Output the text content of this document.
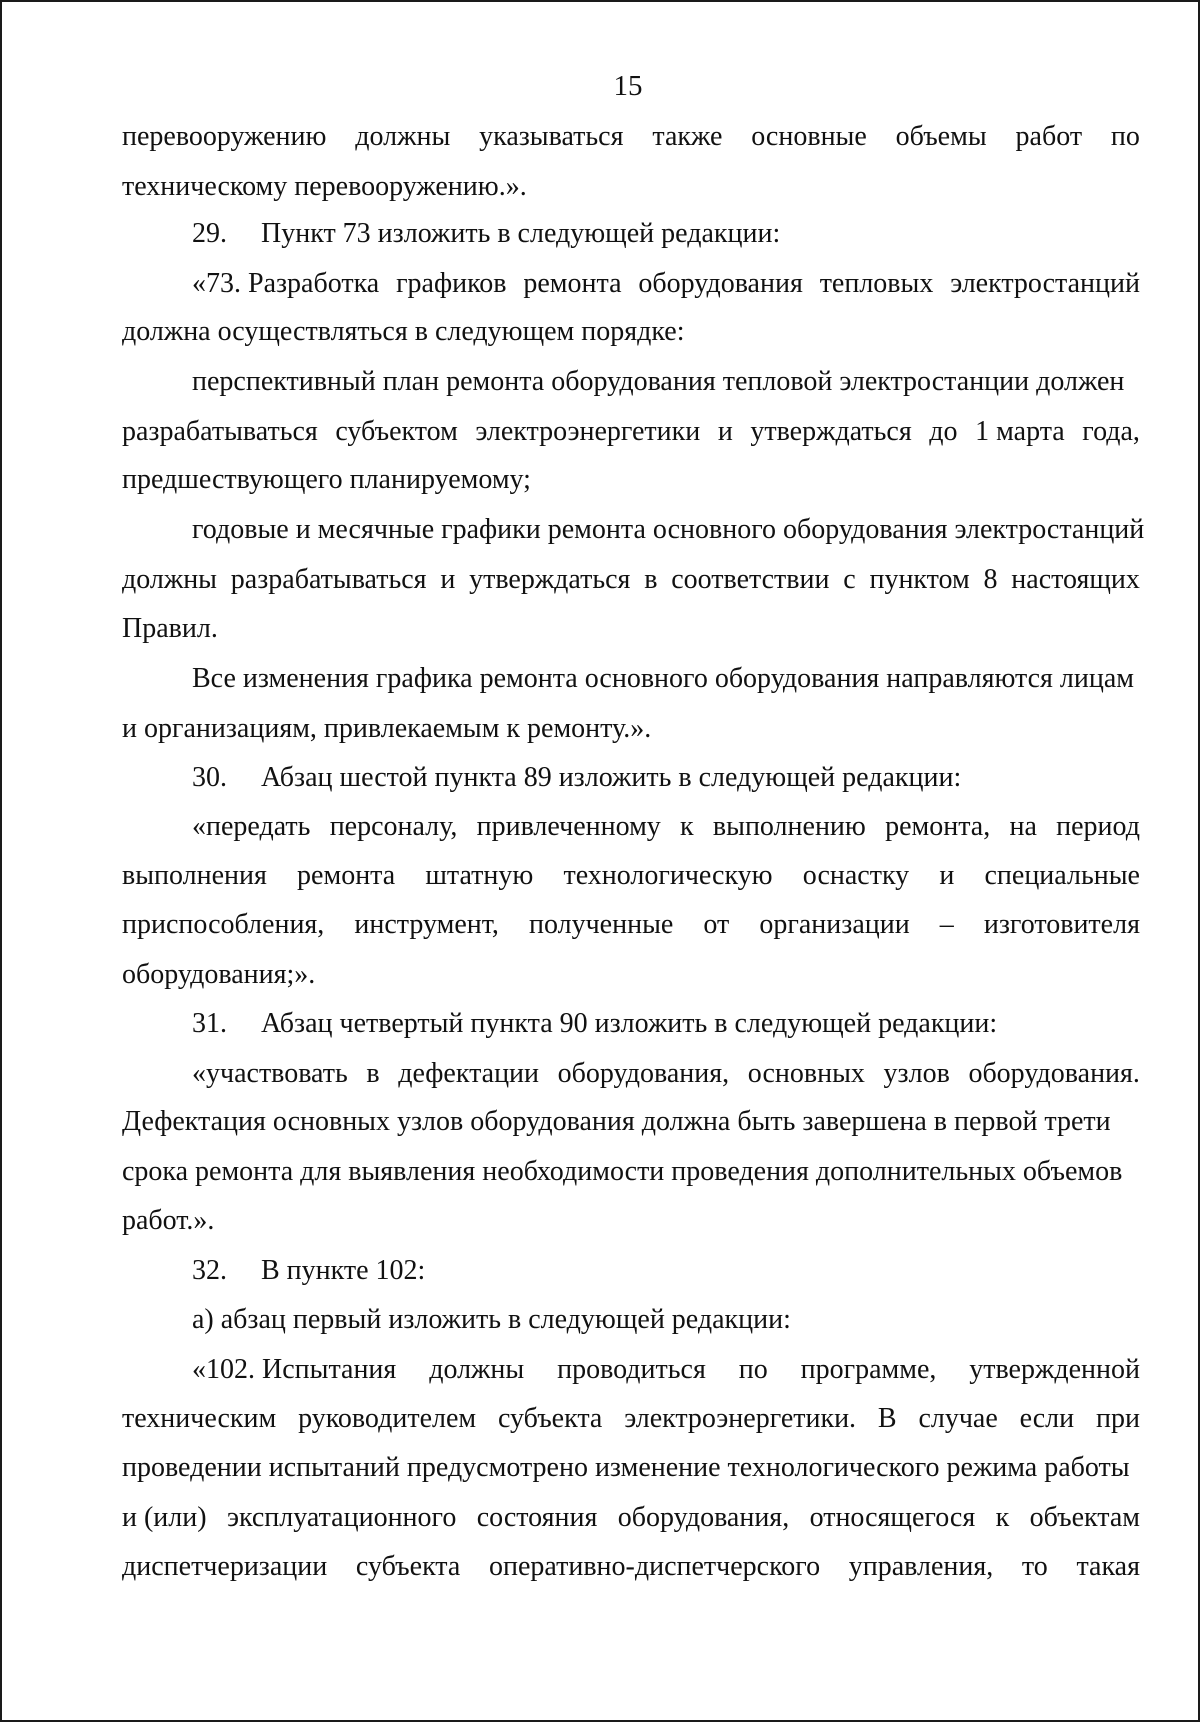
15
перевооружению должны указываться также основные объемы работ по
техническому перевооружению.».
29. Пункт 73 изложить в следующей редакции:
«73. Разработка графиков ремонта оборудования тепловых электростанций
должна осуществляться в следующем порядке:
перспективный план ремонта оборудования тепловой электростанции должен
разрабатываться субъектом электроэнергетики и утверждаться до 1 марта года,
предшествующего планируемому;
годовые и месячные графики ремонта основного оборудования электростанций
должны разрабатываться и утверждаться в соответствии с пунктом 8 настоящих
Правил.
Все изменения графика ремонта основного оборудования направляются лицам
и организациям, привлекаемым к ремонту.».
30. Абзац шестой пункта 89 изложить в следующей редакции:
«передать персоналу, привлеченному к выполнению ремонта, на период
выполнения ремонта штатную технологическую оснастку и специальные
приспособления, инструмент, полученные от организации – изготовителя
оборудования;».
31. Абзац четвертый пункта 90 изложить в следующей редакции:
«участвовать в дефектации оборудования, основных узлов оборудования.
Дефектация основных узлов оборудования должна быть завершена в первой трети
срока ремонта для выявления необходимости проведения дополнительных объемов
работ.».
32. В пункте 102:
а) абзац первый изложить в следующей редакции:
«102. Испытания должны проводиться по программе, утвержденной
техническим руководителем субъекта электроэнергетики. В случае если при
проведении испытаний предусмотрено изменение технологического режима работы
и (или) эксплуатационного состояния оборудования, относящегося к объектам
диспетчеризации субъекта оперативно-диспетчерского управления, то такая
